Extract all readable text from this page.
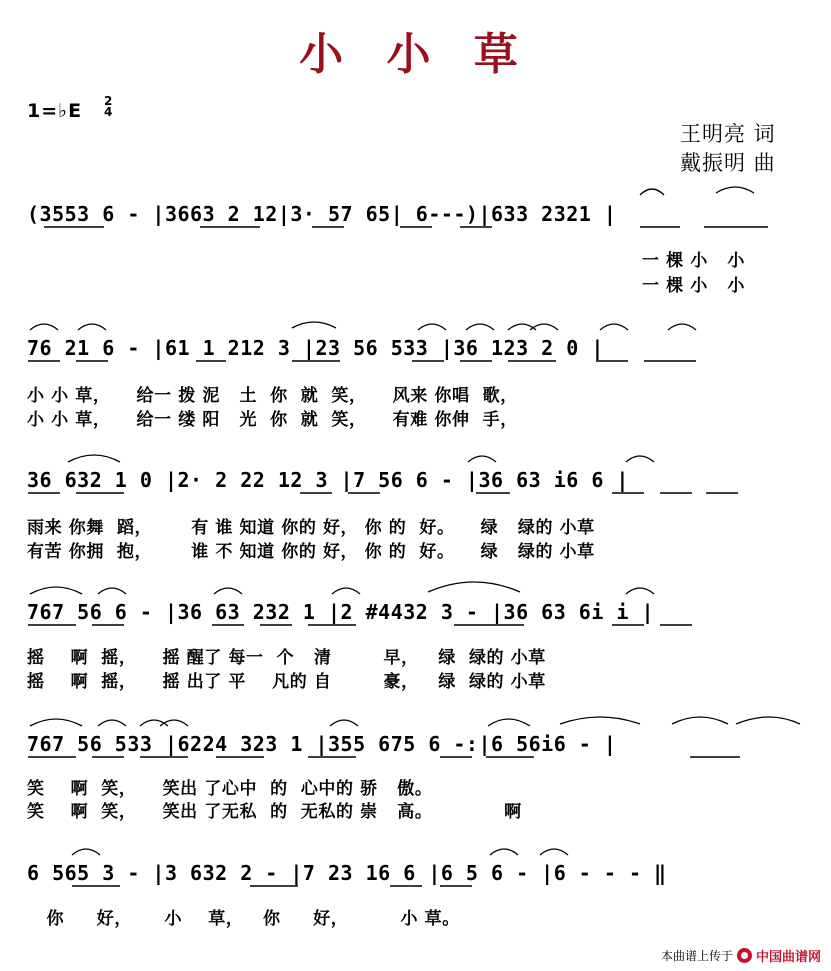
小 小 草
1=♭E 2
4
王明亮 词
戴振明 曲
(3553 6 - |3663 2 12|3· 57 65| 6---)|633 2321 |
一 棵 小   小
一 棵 小   小
76 21 6 - |61 1 212 3 |23 56 533 |36 123 2 0 |
小 小 草，    给一 拨 泥   土  你  就  笑，    风来 你唱  歌，
小 小 草，    给一 缕 阳   光  你  就  笑，    有难 你伸  手，
36 632 1 0 |2· 2 22 12 3 |7 56 6 - |36 63 i6 6 |
雨来 你舞  蹈，      有 谁 知道 你的 好， 你 的  好。    绿   绿的 小草
有苦 你拥  抱，      谁 不 知道 你的 好， 你 的  好。    绿   绿的 小草
767 56 6 - |36 63 232 1 |2 #4432 3 - |36 63 6i i |
摇    啊  摇，    摇 醒了 每一  个   清        早，   绿  绿的 小草
摇    啊  摇，    摇 出了 平    凡的 自        豪，   绿  绿的 小草
767 56 533 |6224 323 1 |355 675 6 -:|6 56i6 - |
笑    啊  笑，    笑出 了心中  的  心中的 骄   傲。
笑    啊  笑，    笑出 了无私  的  无私的 崇   高。           啊
6 565 3 - |3 632 2 - |7 23 16 6 |6 5 6 - |6 - - - ‖
你     好，     小    草，   你     好，        小 草。
本曲谱上传于 中国曲谱网
